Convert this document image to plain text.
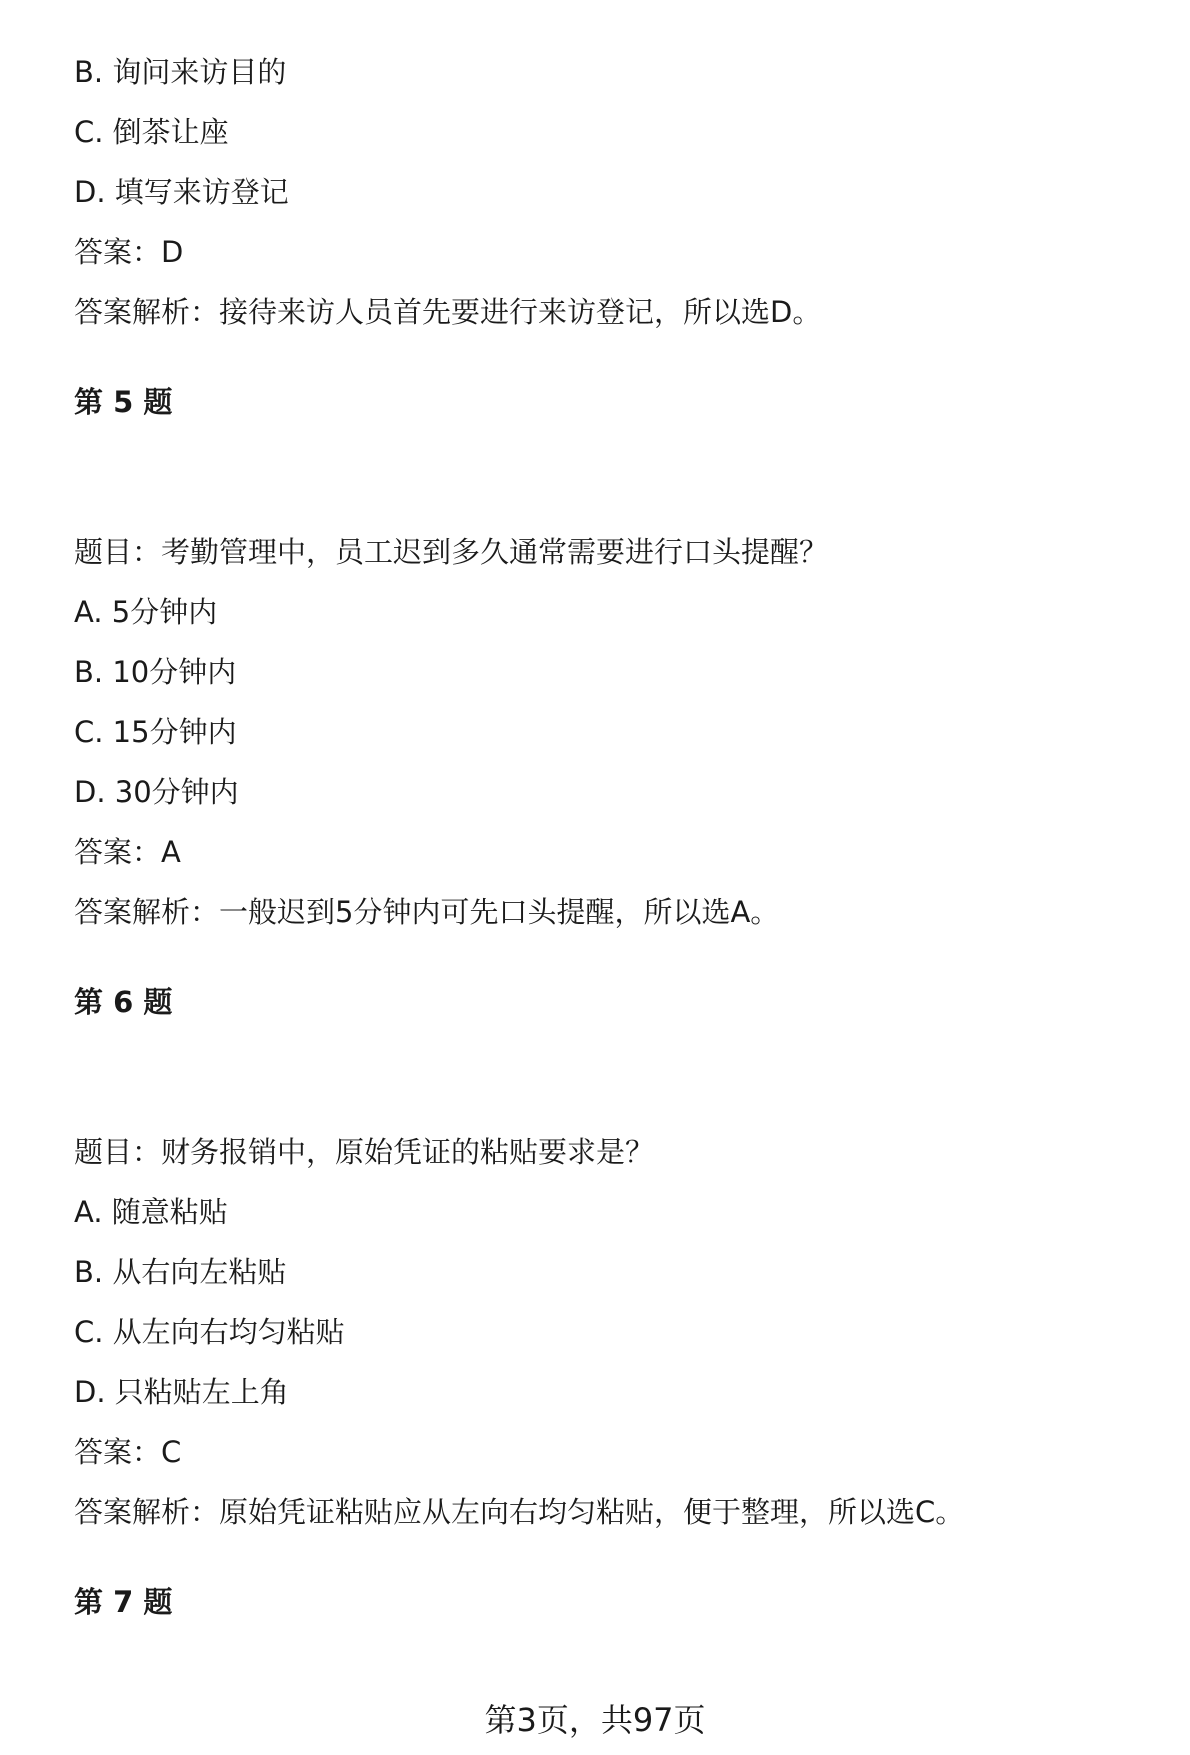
B. 询问来访目的
C. 倒茶让座
D. 填写来访登记
答案：D
答案解析：接待来访人员首先要进行来访登记，所以选D。
第 5 题
题目：考勤管理中，员工迟到多久通常需要进行口头提醒？
A. 5分钟内
B. 10分钟内
C. 15分钟内
D. 30分钟内
答案：A
答案解析：一般迟到5分钟内可先口头提醒，所以选A。
第 6 题
题目：财务报销中，原始凭证的粘贴要求是？
A. 随意粘贴
B. 从右向左粘贴
C. 从左向右均匀粘贴
D. 只粘贴左上角
答案：C
答案解析：原始凭证粘贴应从左向右均匀粘贴，便于整理，所以选C。
第 7 题
第3页，共97页
